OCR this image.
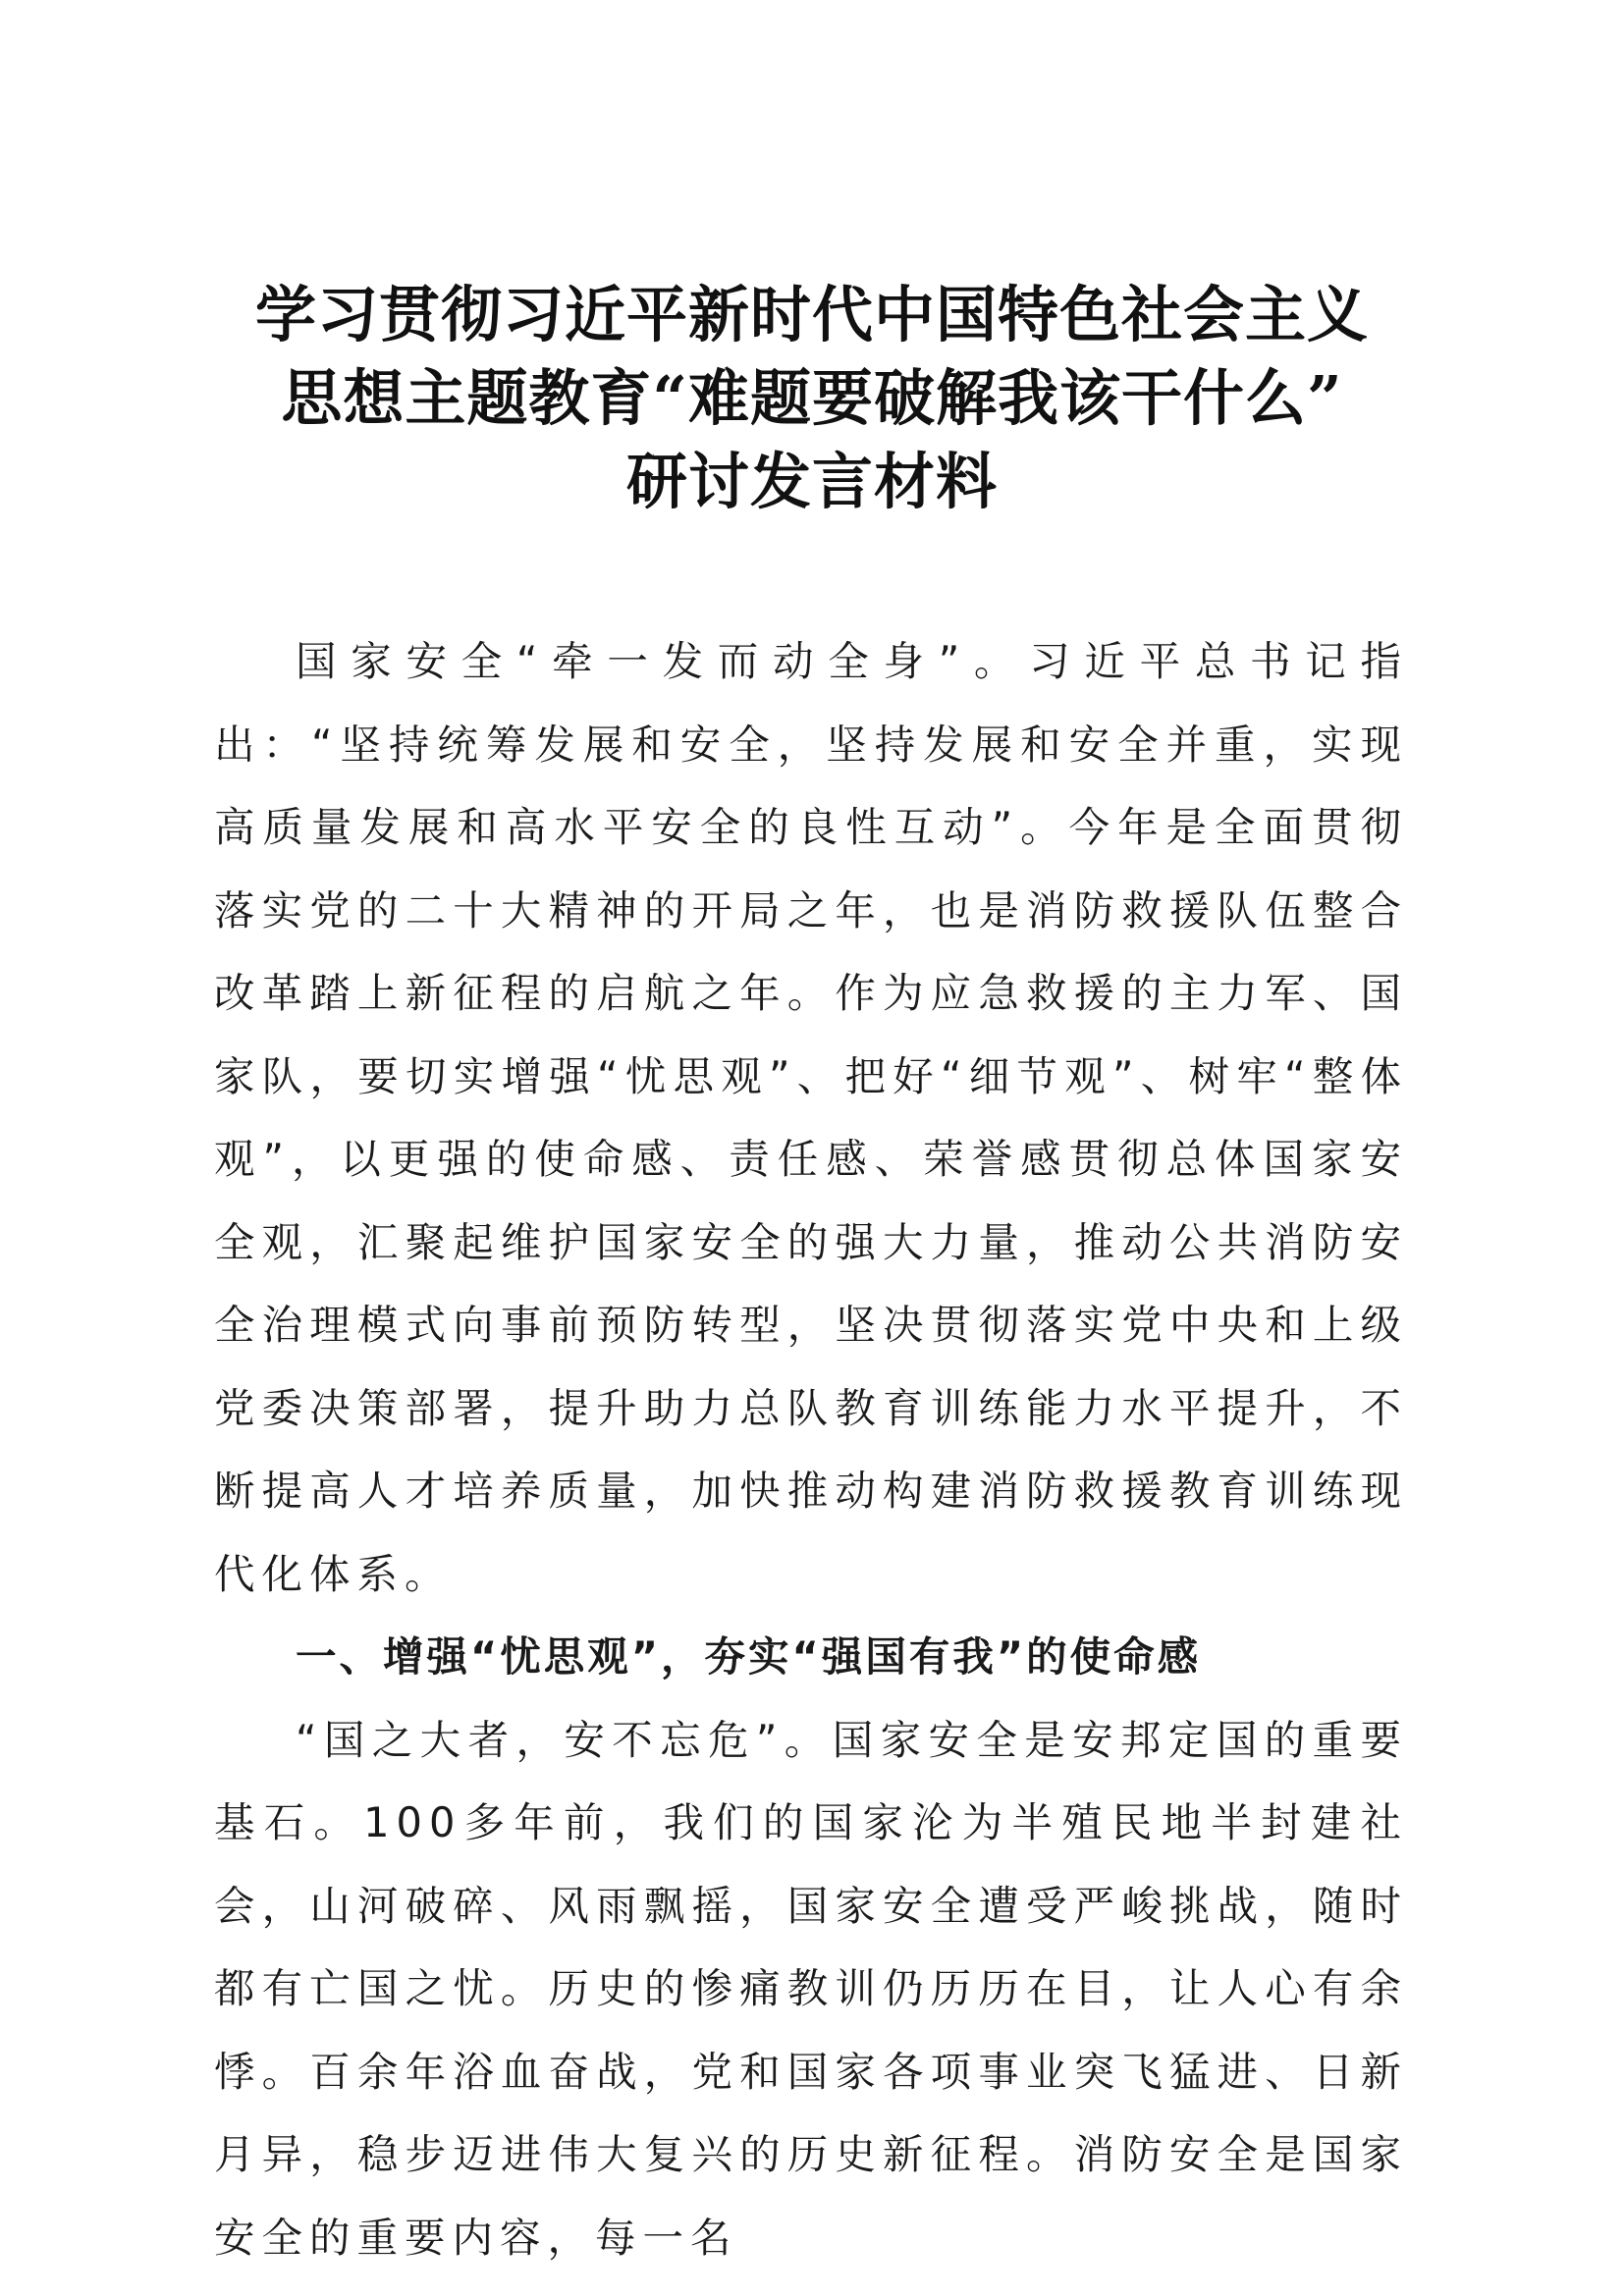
学习贯彻习近平新时代中国特色社会主义
思想主题教育“难题要破解我该干什么”
研讨发言材料

国家安全“牵一发而动全身”。习近平总书记指出：“坚持统筹发展和安全，坚持发展和安全并重，实现高质量发展和高水平安全的良性互动”。今年是全面贯彻落实党的二十大精神的开局之年，也是消防救援队伍整合改革踏上新征程的启航之年。作为应急救援的主力军、国家队，要切实增强“忧思观”、把好“细节观”、树牢“整体观”，以更强的使命感、责任感、荣誉感贯彻总体国家安全观，汇聚起维护国家安全的强大力量，推动公共消防安全治理模式向事前预防转型，坚决贯彻落实党中央和上级党委决策部署，提升助力总队教育训练能力水平提升，不断提高人才培养质量，加快推动构建消防救援教育训练现代化体系。

一、增强“忧思观”，夯实“强国有我”的使命感

“国之大者，安不忘危”。国家安全是安邦定国的重要基石。100多年前，我们的国家沦为半殖民地半封建社会，山河破碎、风雨飘摇，国家安全遭受严峻挑战，随时都有亡国之忧。历史的惨痛教训仍历历在目，让人心有余悸。百余年浴血奋战，党和国家各项事业突飞猛进、日新月异，稳步迈进伟大复兴的历史新征程。消防安全是国家安全的重要内容，每一名
